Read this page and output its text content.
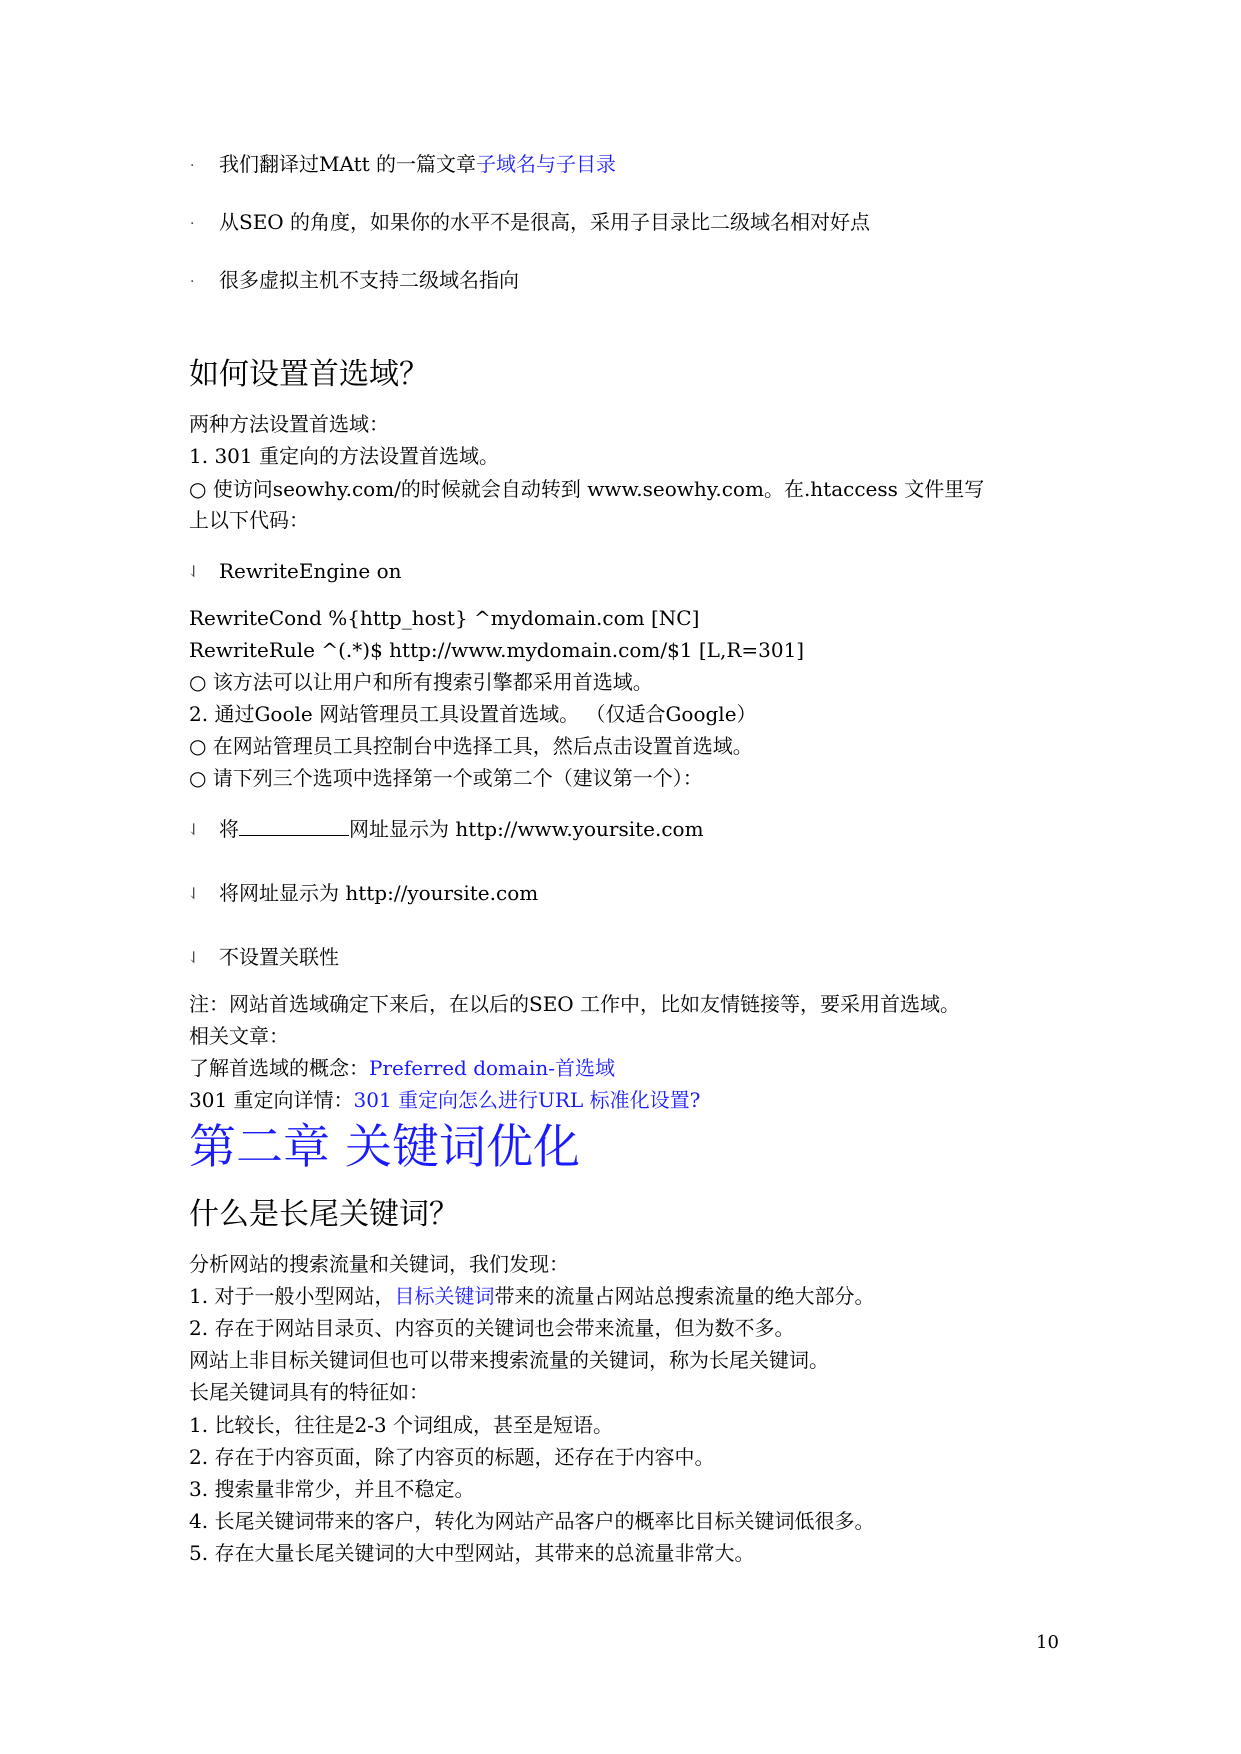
· 我们翻译过MAtt 的一篇文章子域名与子目录
· 从SEO 的角度，如果你的水平不是很高，采用子目录比二级域名相对好点
· 很多虚拟主机不支持二级域名指向
如何设置首选域？
两种方法设置首选域：
1. 301 重定向的方法设置首选域。
○ 使访问seowhy.com/的时候就会自动转到 www.seowhy.com。在.htaccess 文件里写
上以下代码：
⇃ RewriteEngine on
RewriteCond %{http_host} ^mydomain.com [NC]
RewriteRule ^(.*)$ http://www.mydomain.com/$1 [L,R=301]
○ 该方法可以让用户和所有搜索引擎都采用首选域。
2. 通过Goole 网站管理员工具设置首选域。 （仅适合Google）
○ 在网站管理员工具控制台中选择工具，然后点击设置首选域。
○ 请下列三个选项中选择第一个或第二个（建议第一个）：
⇃ 将	网址显示为 http://www.yoursite.com
⇃ 将网址显示为 http://yoursite.com
⇃ 不设置关联性
注：网站首选域确定下来后，在以后的SEO 工作中，比如友情链接等，要采用首选域。
相关文章：
了解首选域的概念：Preferred domain-首选域
301 重定向详情：301 重定向怎么进行URL 标准化设置?
第二章 关键词优化
什么是长尾关键词？
分析网站的搜索流量和关键词，我们发现：
1. 对于一般小型网站，目标关键词带来的流量占网站总搜索流量的绝大部分。
2. 存在于网站目录页、内容页的关键词也会带来流量，但为数不多。
网站上非目标关键词但也可以带来搜索流量的关键词，称为长尾关键词。
长尾关键词具有的特征如：
1. 比较长，往往是2-3 个词组成，甚至是短语。
2. 存在于内容页面，除了内容页的标题，还存在于内容中。
3. 搜索量非常少，并且不稳定。
4. 长尾关键词带来的客户，转化为网站产品客户的概率比目标关键词低很多。
5. 存在大量长尾关键词的大中型网站，其带来的总流量非常大。
10
